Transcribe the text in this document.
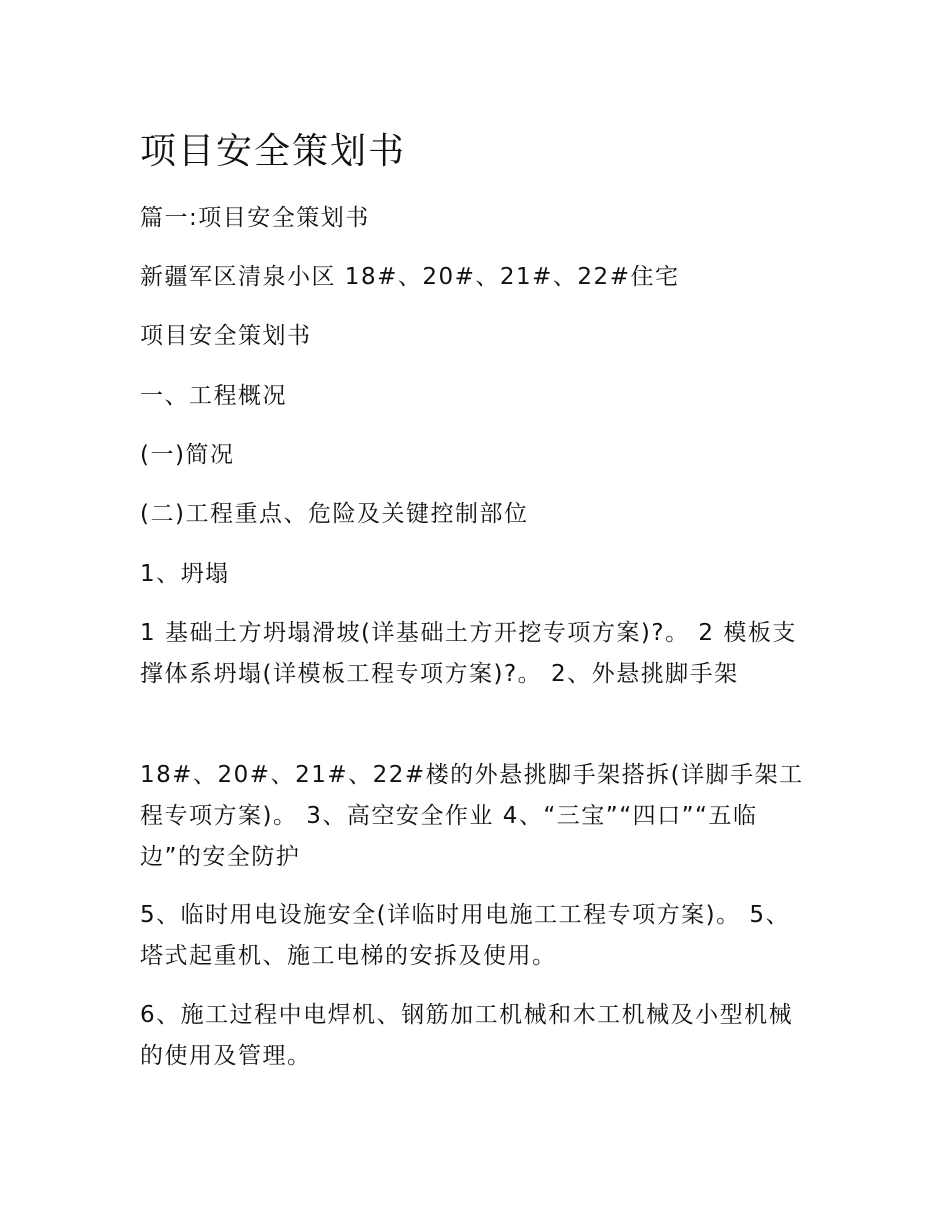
项目安全策划书

篇一:项目安全策划书

新疆军区清泉小区 18#、20#、21#、22#住宅

项目安全策划书

一、工程概况

(一)简况

(二)工程重点、危险及关键控制部位

1、坍塌

1 基础土方坍塌滑坡(详基础土方开挖专项方案)?。 2 模板支撑体系坍塌(详模板工程专项方案)?。 2、外悬挑脚手架

18#、20#、21#、22#楼的外悬挑脚手架搭拆(详脚手架工程专项方案)。 3、高空安全作业 4、“三宝”“四口”“五临边”的安全防护

5、临时用电设施安全(详临时用电施工工程专项方案)。 5、塔式起重机、施工电梯的安拆及使用。

6、施工过程中电焊机、钢筋加工机械和木工机械及小型机械的使用及管理。
